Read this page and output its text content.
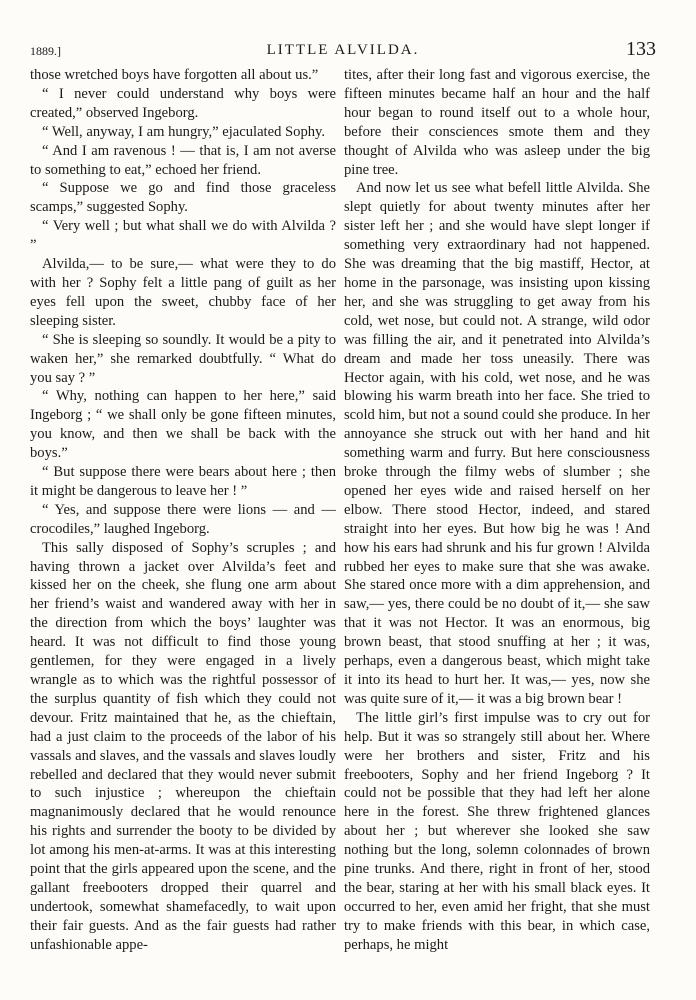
1889.]	LITTLE ALVILDA.	133

those wretched boys have forgotten all about us.”

“ I never could understand why boys were created,” observed Ingeborg.

“ Well, anyway, I am hungry,” ejaculated Sophy.

“ And I am ravenous ! — that is, I am not averse to something to eat,” echoed her friend.

“ Suppose we go and find those graceless scamps,” suggested Sophy.

“ Very well ; but what shall we do with Alvilda ? ”

Alvilda,— to be sure,— what were they to do with her ? Sophy felt a little pang of guilt as her eyes fell upon the sweet, chubby face of her sleeping sister.

“ She is sleeping so soundly. It would be a pity to waken her,” she remarked doubtfully. “ What do you say ? ”

“ Why, nothing can happen to her here,” said Ingeborg ; “ we shall only be gone fifteen minutes, you know, and then we shall be back with the boys.”

“ But suppose there were bears about here ; then it might be dangerous to leave her ! ”

“ Yes, and suppose there were lions — and — crocodiles,” laughed Ingeborg.

This sally disposed of Sophy’s scruples ; and having thrown a jacket over Alvilda’s feet and kissed her on the cheek, she flung one arm about her friend’s waist and wandered away with her in the direction from which the boys’ laughter was heard. It was not difficult to find those young gentlemen, for they were engaged in a lively wrangle as to which was the rightful possessor of the surplus quantity of fish which they could not devour. Fritz maintained that he, as the chieftain, had a just claim to the proceeds of the labor of his vassals and slaves, and the vassals and slaves loudly rebelled and declared that they would never submit to such injustice ; whereupon the chieftain magnanimously declared that he would renounce his rights and surrender the booty to be divided by lot among his men-at-arms. It was at this interesting point that the girls appeared upon the scene, and the gallant freebooters dropped their quarrel and undertook, somewhat shamefacedly, to wait upon their fair guests. And as the fair guests had rather unfashionable appe-

tites, after their long fast and vigorous exercise, the fifteen minutes became half an hour and the half hour began to round itself out to a whole hour, before their consciences smote them and they thought of Alvilda who was asleep under the big pine tree.

And now let us see what befell little Alvilda. She slept quietly for about twenty minutes after her sister left her ; and she would have slept longer if something very extraordinary had not happened. She was dreaming that the big mastiff, Hector, at home in the parsonage, was insisting upon kissing her, and she was struggling to get away from his cold, wet nose, but could not. A strange, wild odor was filling the air, and it penetrated into Alvilda’s dream and made her toss uneasily. There was Hector again, with his cold, wet nose, and he was blowing his warm breath into her face. She tried to scold him, but not a sound could she produce. In her annoyance she struck out with her hand and hit something warm and furry. But here consciousness broke through the filmy webs of slumber ; she opened her eyes wide and raised herself on her elbow. There stood Hector, indeed, and stared straight into her eyes. But how big he was ! And how his ears had shrunk and his fur grown ! Alvilda rubbed her eyes to make sure that she was awake. She stared once more with a dim apprehension, and saw,— yes, there could be no doubt of it,— she saw that it was not Hector. It was an enormous, big brown beast, that stood snuffing at her ; it was, perhaps, even a dangerous beast, which might take it into its head to hurt her. It was,— yes, now she was quite sure of it,— it was a big brown bear !

The little girl’s first impulse was to cry out for help. But it was so strangely still about her. Where were her brothers and sister, Fritz and his freebooters, Sophy and her friend Ingeborg ? It could not be possible that they had left her alone here in the forest. She threw frightened glances about her ; but wherever she looked she saw nothing but the long, solemn colonnades of brown pine trunks. And there, right in front of her, stood the bear, staring at her with his small black eyes. It occurred to her, even amid her fright, that she must try to make friends with this bear, in which case, perhaps, he might
